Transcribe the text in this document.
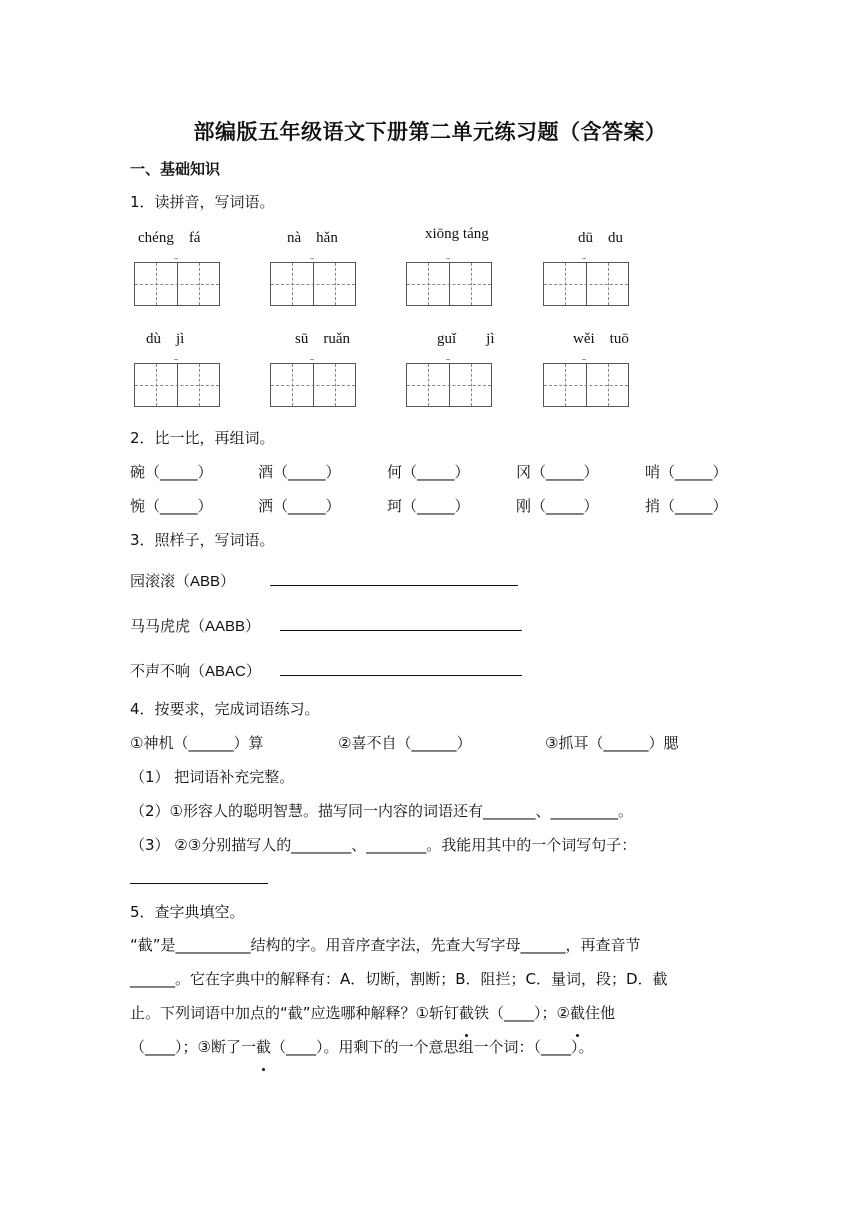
部编版五年级语文下册第二单元练习题（含答案）
一、基础知识
1．读拼音，写词语。
chéng　fá	nà　hǎn	xiōng táng	dū　du
dù　jì	sū　ruǎn	guǐ　　jì	wěi　tuō
2．比一比，再组词。
碗（_____）	酒（_____）	何（_____）	冈（_____）	哨（_____）
惋（_____）	洒（_____）	珂（_____）	刚（_____）	捎（_____）
3．照样子，写词语。
园滚滚（ABB）
马马虎虎（AABB）
不声不响（ABAC）
4．按要求，完成词语练习。
①神机（______）算	②喜不自（______）	③抓耳（______）腮
（1） 把词语补充完整。
（2）①形容人的聪明智慧。描写同一内容的词语还有_______、_________。
（3） ②③分别描写人的________、________。我能用其中的一个词写句子：
5．查字典填空。
“截”是__________结构的字。用音序查字法，先查大写字母______，再查音节
______。它在字典中的解释有：A．切断，割断；B．阻拦；C．量词，段；D．截
止。下列词语中加点的“截”应选哪种解释？①斩钉截铁（____）；②截住他
（____）；③断了一截（____）。用剩下的一个意思组一个词：（____）。
